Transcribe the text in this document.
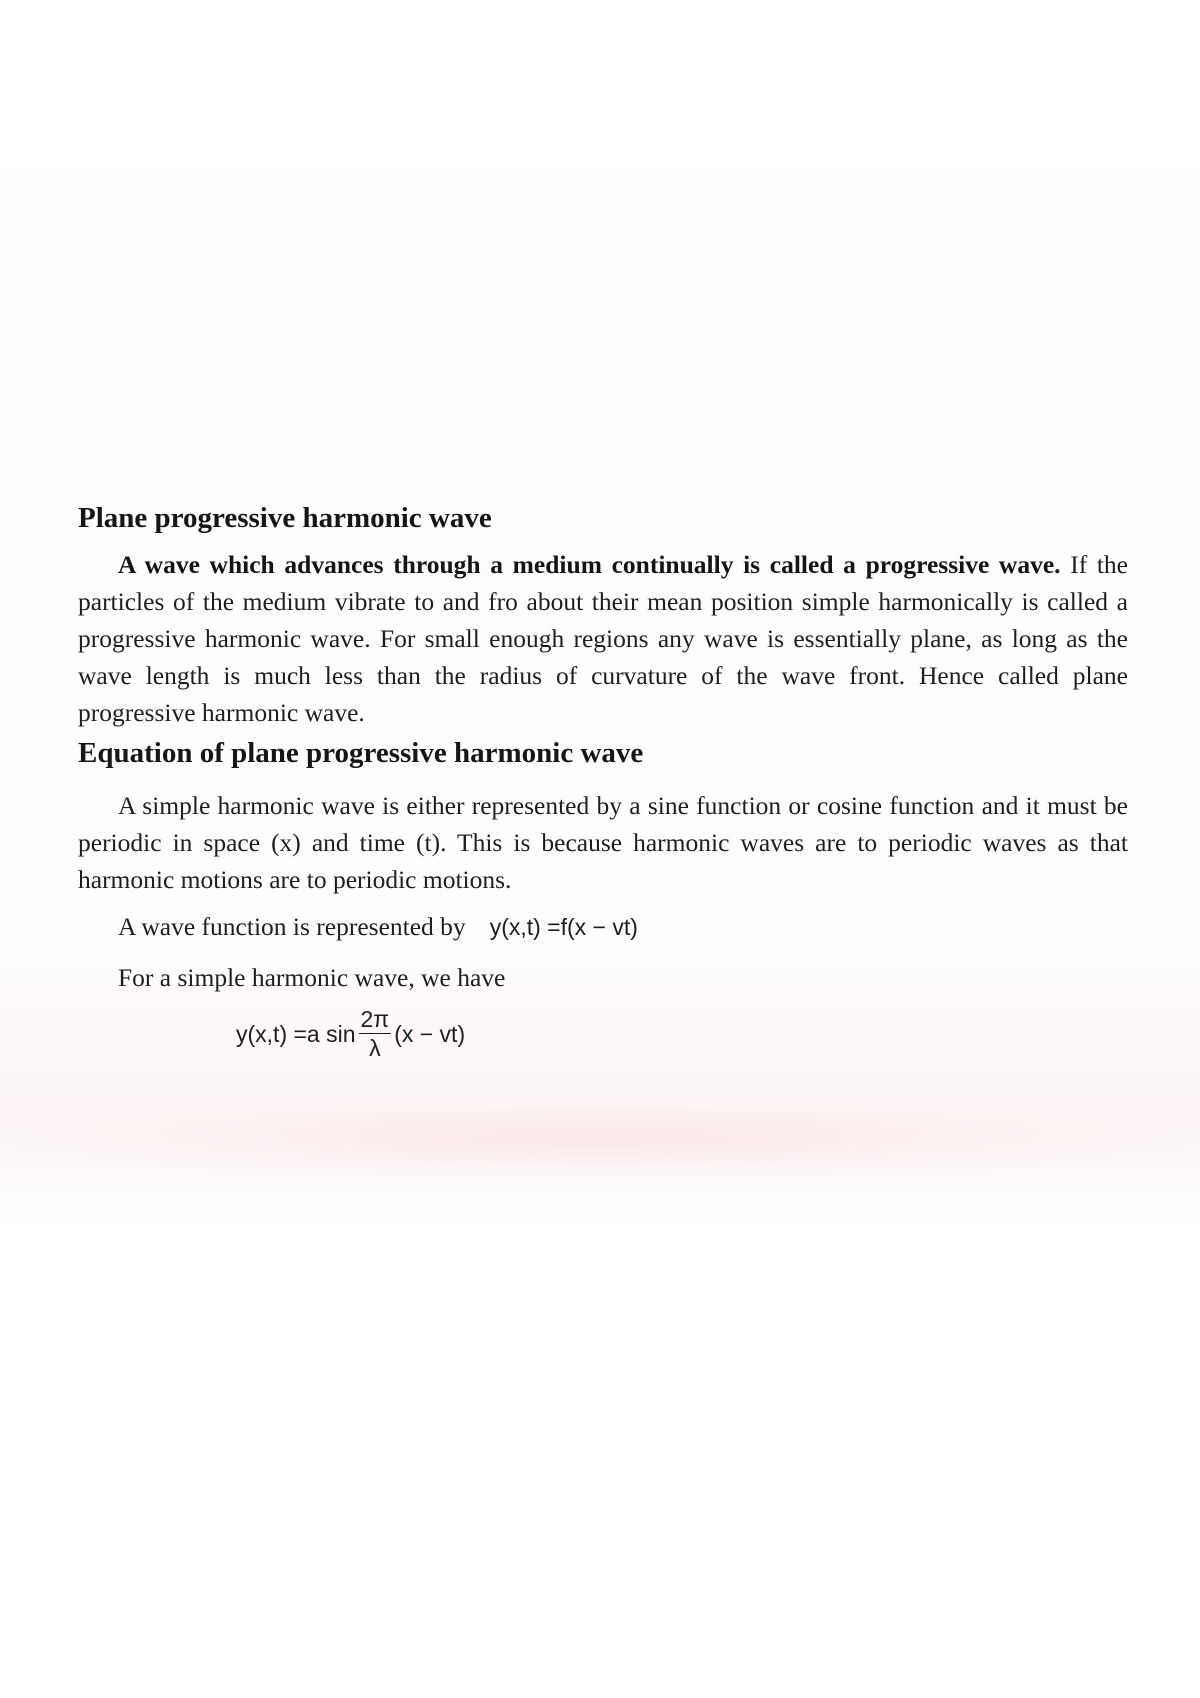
Plane progressive harmonic wave

A wave which advances through a medium continually is called a progressive wave. If the particles of the medium vibrate to and fro about their mean position simple harmonically is called a progressive harmonic wave. For small enough regions any wave is essentially plane, as long as the wave length is much less than the radius of curvature of the wave front. Hence called plane progressive harmonic wave.

Equation of plane progressive harmonic wave

A simple harmonic wave is either represented by a sine function or cosine function and it must be periodic in space (x) and time (t). This is because harmonic waves are to periodic waves as that harmonic motions are to periodic motions.

A wave function is represented by y(x,t) =f(x − vt)

For a simple harmonic wave, we have

y(x,t) =a $\sin \frac{2\pi}{\lambda} (x - vt)$
